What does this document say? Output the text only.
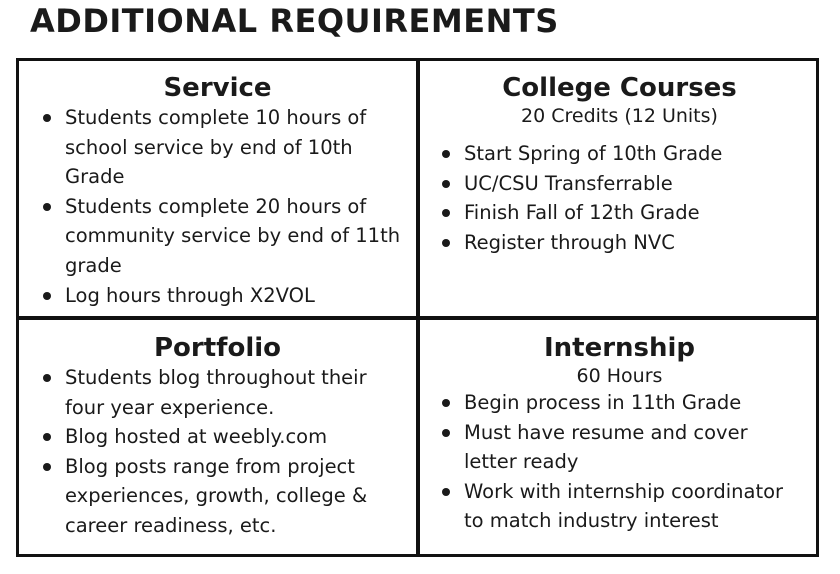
ADDITIONAL REQUIREMENTS
Service
Students complete 10 hours of
school service by end of 10th
Grade
Students complete 20 hours of
community service by end of 11th
grade
Log hours through X2VOL
College Courses
20 Credits (12 Units)
Start Spring of 10th Grade
UC/CSU Transferrable
Finish Fall of 12th Grade
Register through NVC
Portfolio
Students blog throughout their
four year experience.
Blog hosted at weebly.com
Blog posts range from project
experiences, growth, college &
career readiness, etc.
Internship
60 Hours
Begin process in 11th Grade
Must have resume and cover
letter ready
Work with internship coordinator
to match industry interest
